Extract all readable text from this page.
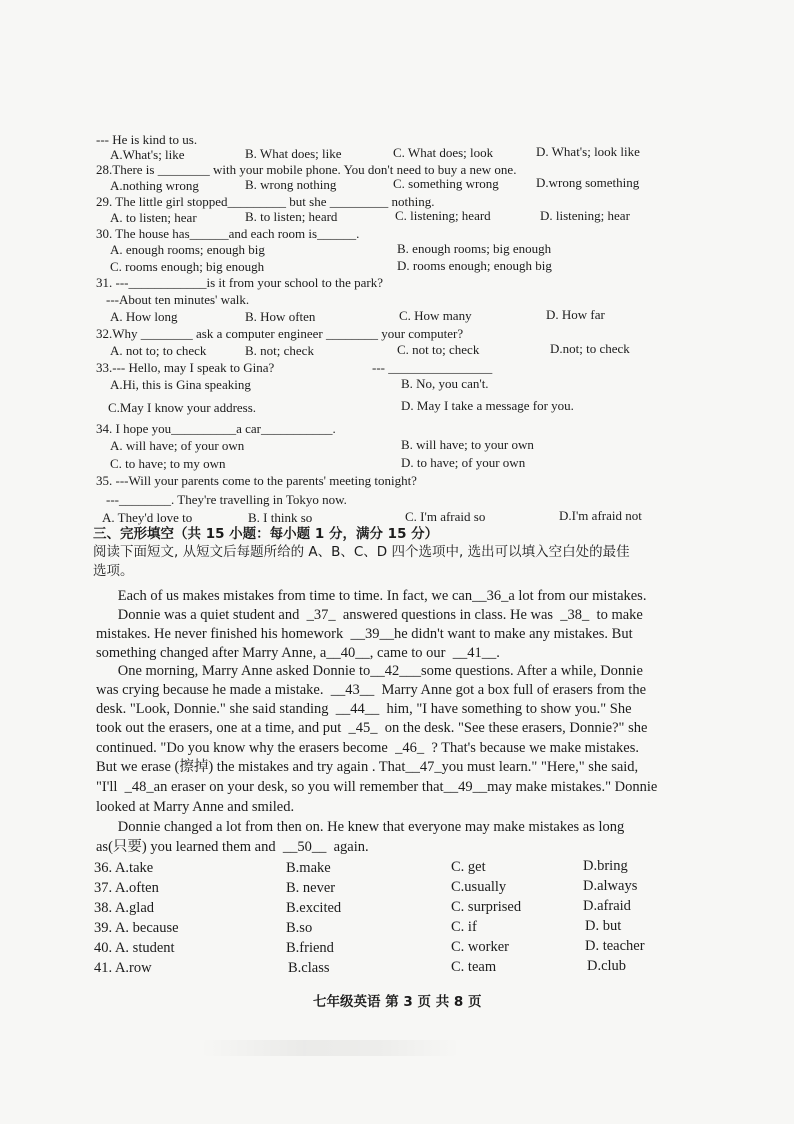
--- He is kind to us.
A.What's; like	B. What does; like	C. What does; look	D. What's; look like
28.There is ________ with your mobile phone. You don't need to buy a new one.
A.nothing wrong	B. wrong nothing	C. something wrong	D.wrong something
29. The little girl stopped_________ but she _________ nothing.
A. to listen; hear	B. to listen; heard	C. listening; heard	D. listening; hear
30. The house has______and each room is______.
A. enough rooms; enough big	B. enough rooms; big enough
C. rooms enough; big enough	D. rooms enough; enough big
31. ---____________is it from your school to the park?
---About ten minutes' walk.
A. How long	B. How often	C. How many	D. How far
32.Why ________ ask a computer engineer ________ your computer?
A. not to; to check	B. not; check	C. not to; check	D.not; to check
33.--- Hello, may I speak to Gina?	--- ________________
A.Hi, this is Gina speaking	B. No, you can't.
C.May I know your address.	D. May I take a message for you.
34. I hope you__________a car___________.
A. will have; of your own	B. will have; to your own
C. to have; to my own	D. to have; of your own
35. ---Will your parents come to the parents' meeting tonight?
---________. They're travelling in Tokyo now.
A. They'd love to	B. I think so	C. I'm afraid so	D.I'm afraid not
三、完形填空（共 15 小题：每小题 1 分，满分 15 分）
阅读下面短文, 从短文后每题所给的 A、B、C、D 四个选项中, 选出可以填入空白处的最佳
选项。
Each of us makes mistakes from time to time. In fact, we can__36_a lot from our mistakes.
Donnie was a quiet student and  _37_  answered questions in class. He was  _38_  to make
mistakes. He never finished his homework  __39__he didn't want to make any mistakes. But
something changed after Marry Anne, a__40__, came to our  __41__.
One morning, Marry Anne asked Donnie to__42___some questions. After a while, Donnie
was crying because he made a mistake.  __43__  Marry Anne got a box full of erasers from the
desk. "Look, Donnie." she said standing  __44__  him, "I have something to show you." She
took out the erasers, one at a time, and put  _45_  on the desk. "See these erasers, Donnie?" she
continued. "Do you know why the erasers become  _46_  ? That's because we make mistakes.
But we erase (擦掉) the mistakes and try again . That__47_you must learn." "Here," she said,
"I'll  _48_an eraser on your desk, so you will remember that__49__may make mistakes." Donnie
looked at Marry Anne and smiled.
Donnie changed a lot from then on. He knew that everyone may make mistakes as long
as(只要) you learned them and  __50__  again.
36. A.take	B.make	C. get	D.bring
37. A.often	B. never	C.usually	D.always
38. A.glad	B.excited	C. surprised	D.afraid
39. A. because	B.so	C. if	D. but
40. A. student	B.friend	C. worker	D. teacher
41. A.row	B.class	C. team	D.club
七年级英语 第 3 页 共 8 页
